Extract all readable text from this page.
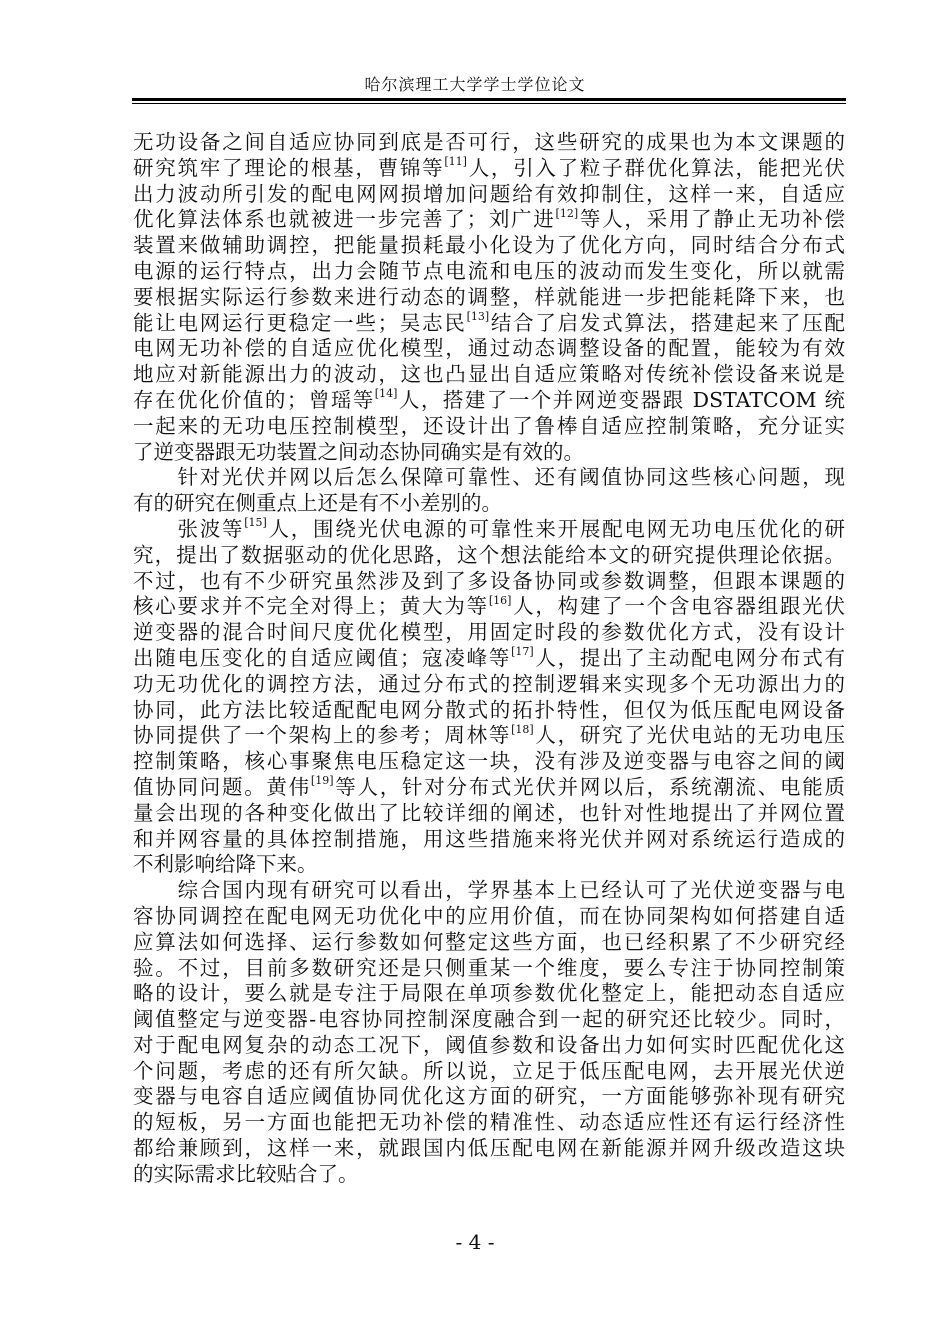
哈尔滨理工大学学士学位论文
无功设备之间自适应协同到底是否可行，这些研究的成果也为本文课题的
研究筑牢了理论的根基，曹锦等[11]人，引入了粒子群优化算法，能把光伏
出力波动所引发的配电网网损增加问题给有效抑制住，这样一来，自适应
优化算法体系也就被进一步完善了；刘广进[12]等人，采用了静止无功补偿
装置来做辅助调控，把能量损耗最小化设为了优化方向，同时结合分布式
电源的运行特点，出力会随节点电流和电压的波动而发生变化，所以就需
要根据实际运行参数来进行动态的调整，样就能进一步把能耗降下来，也
能让电网运行更稳定一些；吴志民[13]结合了启发式算法，搭建起来了压配
电网无功补偿的自适应优化模型，通过动态调整设备的配置，能较为有效
地应对新能源出力的波动，这也凸显出自适应策略对传统补偿设备来说是
存在优化价值的；曾瑶等[14]人，搭建了一个并网逆变器跟 DSTATCOM 统
一起来的无功电压控制模型，还设计出了鲁棒自适应控制策略，充分证实
了逆变器跟无功装置之间动态协同确实是有效的。
　　针对光伏并网以后怎么保障可靠性、还有阈值协同这些核心问题，现
有的研究在侧重点上还是有不小差别的。
　　张波等[15]人，围绕光伏电源的可靠性来开展配电网无功电压优化的研
究，提出了数据驱动的优化思路，这个想法能给本文的研究提供理论依据。
不过，也有不少研究虽然涉及到了多设备协同或参数调整，但跟本课题的
核心要求并不完全对得上；黄大为等[16]人，构建了一个含电容器组跟光伏
逆变器的混合时间尺度优化模型，用固定时段的参数优化方式，没有设计
出随电压变化的自适应阈值；寇凌峰等[17]人，提出了主动配电网分布式有
功无功优化的调控方法，通过分布式的控制逻辑来实现多个无功源出力的
协同，此方法比较适配配电网分散式的拓扑特性，但仅为低压配电网设备
协同提供了一个架构上的参考；周林等[18]人，研究了光伏电站的无功电压
控制策略，核心事聚焦电压稳定这一块，没有涉及逆变器与电容之间的阈
值协同问题。黄伟[19]等人，针对分布式光伏并网以后，系统潮流、电能质
量会出现的各种变化做出了比较详细的阐述，也针对性地提出了并网位置
和并网容量的具体控制措施，用这些措施来将光伏并网对系统运行造成的
不利影响给降下来。
　　综合国内现有研究可以看出，学界基本上已经认可了光伏逆变器与电
容协同调控在配电网无功优化中的应用价值，而在协同架构如何搭建自适
应算法如何选择、运行参数如何整定这些方面，也已经积累了不少研究经
验。不过，目前多数研究还是只侧重某一个维度，要么专注于协同控制策
略的设计，要么就是专注于局限在单项参数优化整定上，能把动态自适应
阈值整定与逆变器-电容协同控制深度融合到一起的研究还比较少。同时，
对于配电网复杂的动态工况下，阈值参数和设备出力如何实时匹配优化这
个问题，考虑的还有所欠缺。所以说，立足于低压配电网，去开展光伏逆
变器与电容自适应阈值协同优化这方面的研究，一方面能够弥补现有研究
的短板，另一方面也能把无功补偿的精准性、动态适应性还有运行经济性
都给兼顾到，这样一来，就跟国内低压配电网在新能源并网升级改造这块
的实际需求比较贴合了。
- 4 -
